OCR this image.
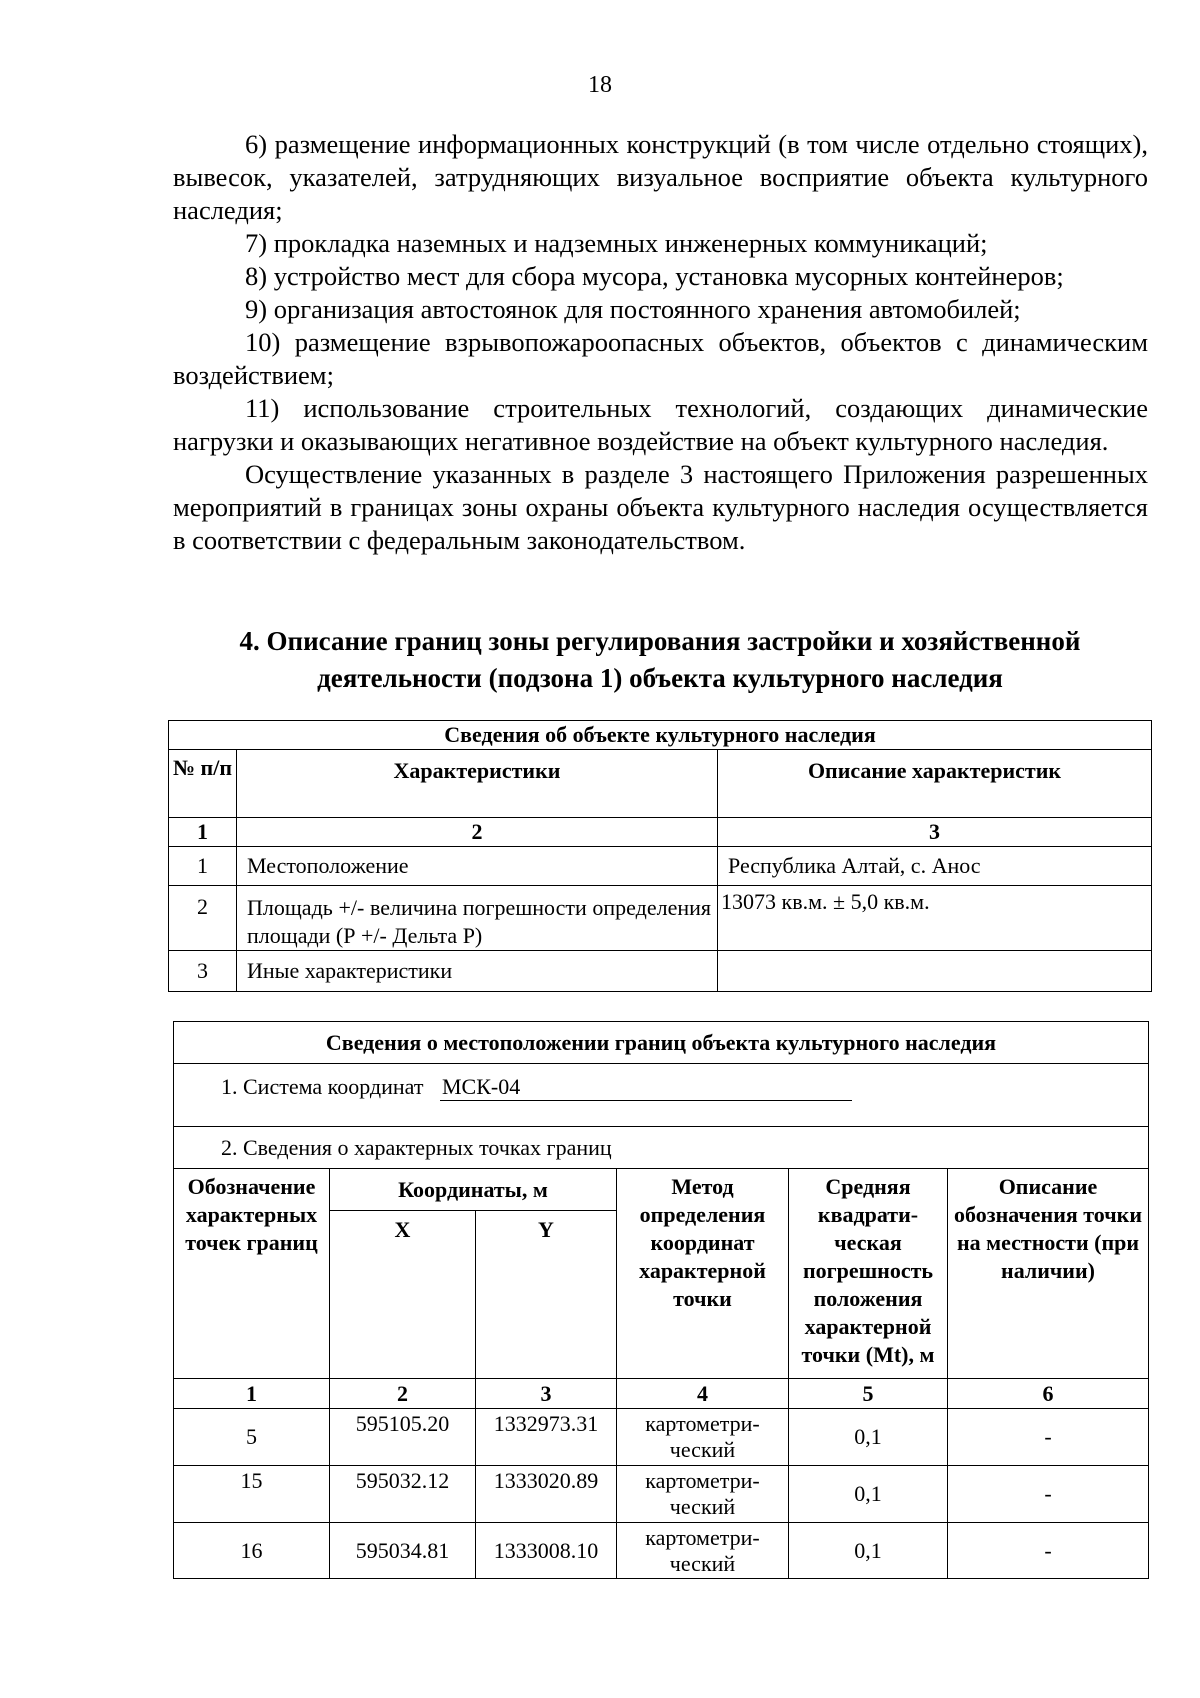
18

6) размещение информационных конструкций (в том числе отдельно стоящих), вывесок, указателей, затрудняющих визуальное восприятие объекта культурного наследия;

7) прокладка наземных и надземных инженерных коммуникаций;

8) устройство мест для сбора мусора, установка мусорных контейнеров;

9) организация автостоянок для постоянного хранения автомобилей;

10) размещение взрывопожароопасных объектов, объектов с динамическим воздействием;

11) использование строительных технологий, создающих динамические нагрузки и оказывающих негативное воздействие на объект культурного наследия.

Осуществление указанных в разделе 3 настоящего Приложения разрешенных мероприятий в границах зоны охраны объекта культурного наследия осуществляется в соответствии с федеральным законодательством.

4. Описание границ зоны регулирования застройки и хозяйственной
деятельности (подзона 1) объекта культурного наследия
Сведения об объекте культурного наследия		
№ п/п	Характеристики	Описание характеристик
1	2	3
1	Местоположение	Республика Алтай, с. Анос
2	Площадь +/- величина погрешности определения площади (Р +/- Дельта Р)	13073 кв.м. ± 5,0 кв.м.
3	Иные характеристики	
Сведения о местоположении границ объекта культурного наследия					
1. Система координат МСК-04					
2. Сведения о характерных точках границ					
Обозначение характерных точек границ	Координаты, м		Метод определения координат характерной точки	Средняя квадрати-ческая погрешность положения характерной точки (Mt), м	Описание обозначения точки на местности (при наличии)
	X	Y			
1	2	3	4	5	6
5	595105.20	1332973.31	картометри-ческий	0,1	-
15	595032.12	1333020.89	картометри-ческий	0,1	-
16	595034.81	1333008.10	картометри-ческий	0,1	-
